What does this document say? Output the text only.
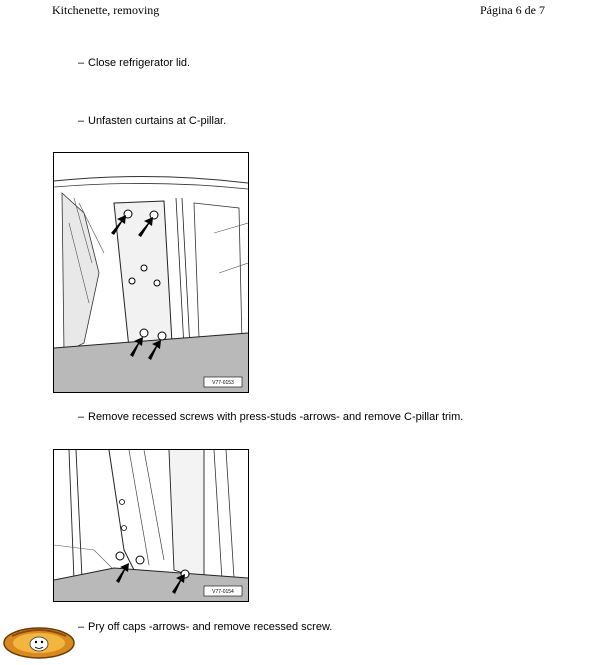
Kitchenette, removing	Página 6 de 7
– Close refrigerator lid.
– Unfasten curtains at C-pillar.
V77-0153
– Remove recessed screws with press-studs -arrows- and remove C-pillar trim.
V77-0154
– Pry off caps -arrows- and remove recessed screw.
